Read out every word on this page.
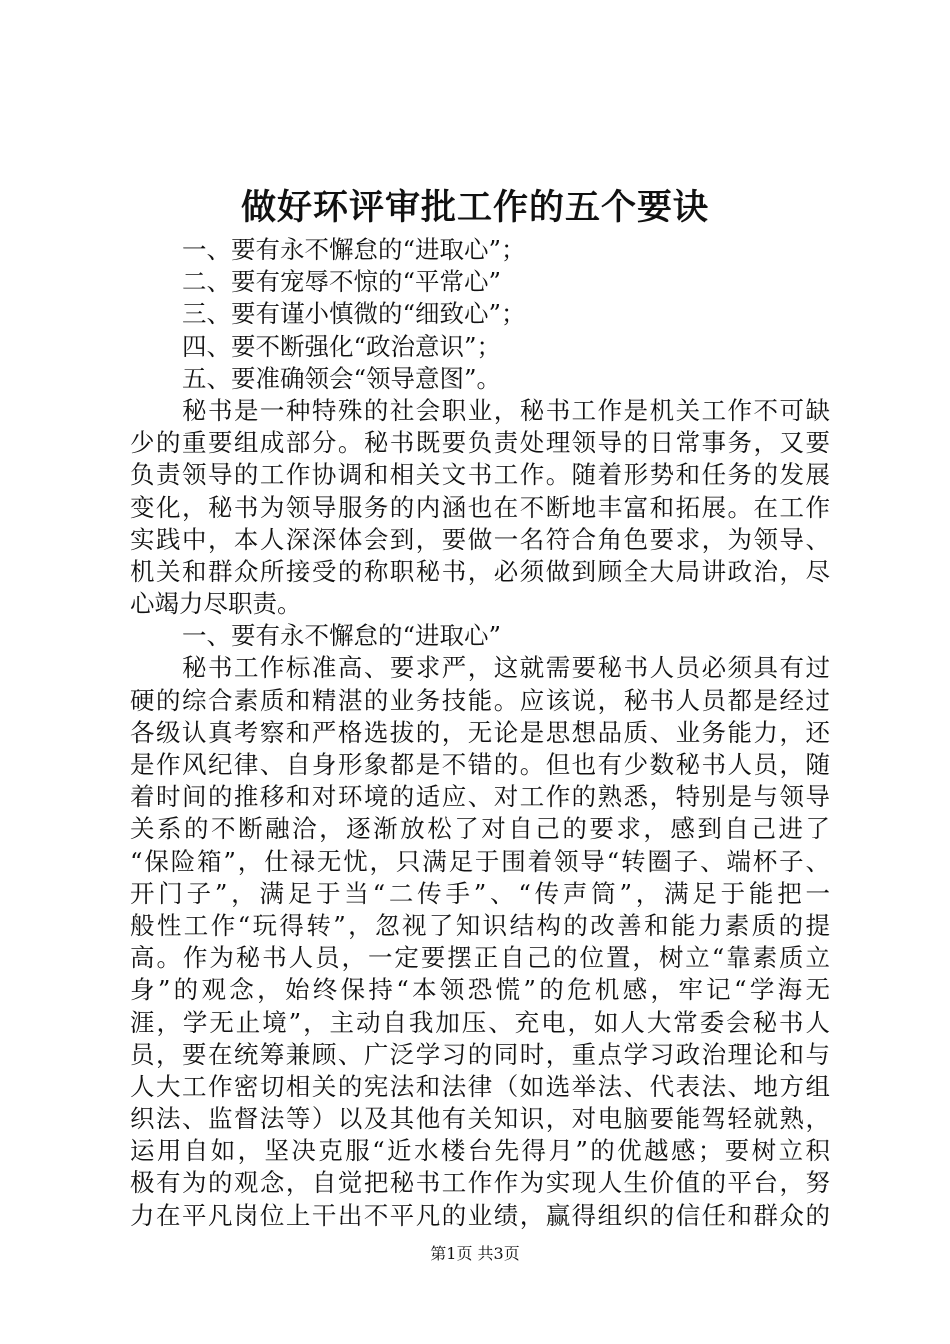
做好环评审批工作的五个要诀
一、要有永不懈怠的“进取心”；
二、要有宠辱不惊的“平常心”
三、要有谨小慎微的“细致心”；
四、要不断强化“政治意识”；
五、要准确领会“领导意图”。
秘书是一种特殊的社会职业，秘书工作是机关工作不可缺
少的重要组成部分。秘书既要负责处理领导的日常事务，又要
负责领导的工作协调和相关文书工作。随着形势和任务的发展
变化，秘书为领导服务的内涵也在不断地丰富和拓展。在工作
实践中，本人深深体会到，要做一名符合角色要求，为领导、
机关和群众所接受的称职秘书，必须做到顾全大局讲政治，尽
心竭力尽职责。
一、要有永不懈怠的“进取心”
秘书工作标准高、要求严，这就需要秘书人员必须具有过
硬的综合素质和精湛的业务技能。应该说，秘书人员都是经过
各级认真考察和严格选拔的，无论是思想品质、业务能力，还
是作风纪律、自身形象都是不错的。但也有少数秘书人员，随
着时间的推移和对环境的适应、对工作的熟悉，特别是与领导
关系的不断融洽，逐渐放松了对自己的要求，感到自己进了
“保险箱”，仕禄无忧，只满足于围着领导“转圈子、端杯子、
开门子”，满足于当“二传手”、“传声筒”，满足于能把一
般性工作“玩得转”，忽视了知识结构的改善和能力素质的提
高。作为秘书人员，一定要摆正自己的位置，树立“靠素质立
身”的观念，始终保持“本领恐慌”的危机感，牢记“学海无
涯，学无止境”，主动自我加压、充电，如人大常委会秘书人
员，要在统筹兼顾、广泛学习的同时，重点学习政治理论和与
人大工作密切相关的宪法和法律（如选举法、代表法、地方组
织法、监督法等）以及其他有关知识，对电脑要能驾轻就熟，
运用自如，坚决克服“近水楼台先得月”的优越感；要树立积
极有为的观念，自觉把秘书工作作为实现人生价值的平台，努
力在平凡岗位上干出不平凡的业绩，赢得组织的信任和群众的
第1页 共3页
